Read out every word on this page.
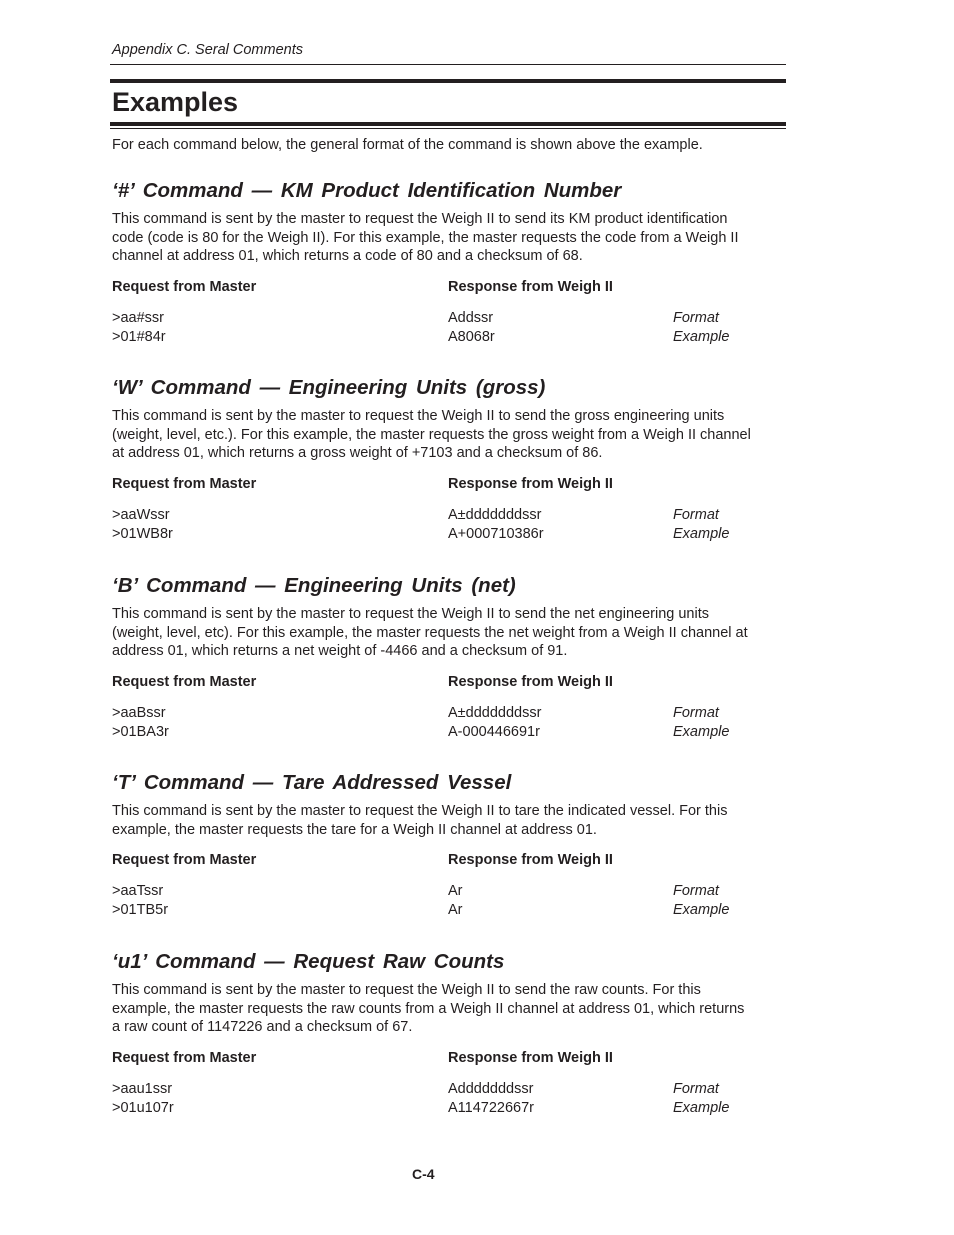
Appendix C. Seral Comments
Examples
For each command below, the general format of the command is shown above the example.
‘#’ Command — KM Product Identification Number
This command is sent by the master to request the Weigh II to send its KM product identification
code (code is 80 for the Weigh II). For this example, the master requests the code from a Weigh II
channel at address 01, which returns a code of 80 and a checksum of 68.
Request from Master	Response from Weigh II
>aa#ssr	Addssr	Format
>01#84r	A8068r	Example
‘W’ Command — Engineering Units (gross)
This command is sent by the master to request the Weigh II to send the gross engineering units
(weight, level, etc.). For this example, the master requests the gross weight from a Weigh II channel
at address 01, which returns a gross weight of +7103 and a checksum of 86.
Request from Master	Response from Weigh II
>aaWssr	A±dddddddssr	Format
>01WB8r	A+000710386r	Example
‘B’ Command — Engineering Units (net)
This command is sent by the master to request the Weigh II to send the net engineering units
(weight, level, etc). For this example, the master requests the net weight from a Weigh II channel at
address 01, which returns a net weight of -4466 and a checksum of 91.
Request from Master	Response from Weigh II
>aaBssr	A±dddddddssr	Format
>01BA3r	A-000446691r	Example
‘T’ Command — Tare Addressed Vessel
This command is sent by the master to request the Weigh II to tare the indicated vessel. For this
example, the master requests the tare for a Weigh II channel at address 01.
Request from Master	Response from Weigh II
>aaTssr	Ar	Format
>01TB5r	Ar	Example
‘u1’ Command — Request Raw Counts
This command is sent by the master to request the Weigh II to send the raw counts. For this
example, the master requests the raw counts from a Weigh II channel at address 01, which returns
a raw count of 1147226 and a checksum of 67.
Request from Master	Response from Weigh II
>aau1ssr	Adddddddssr	Format
>01u107r	A114722667r	Example
C-4
